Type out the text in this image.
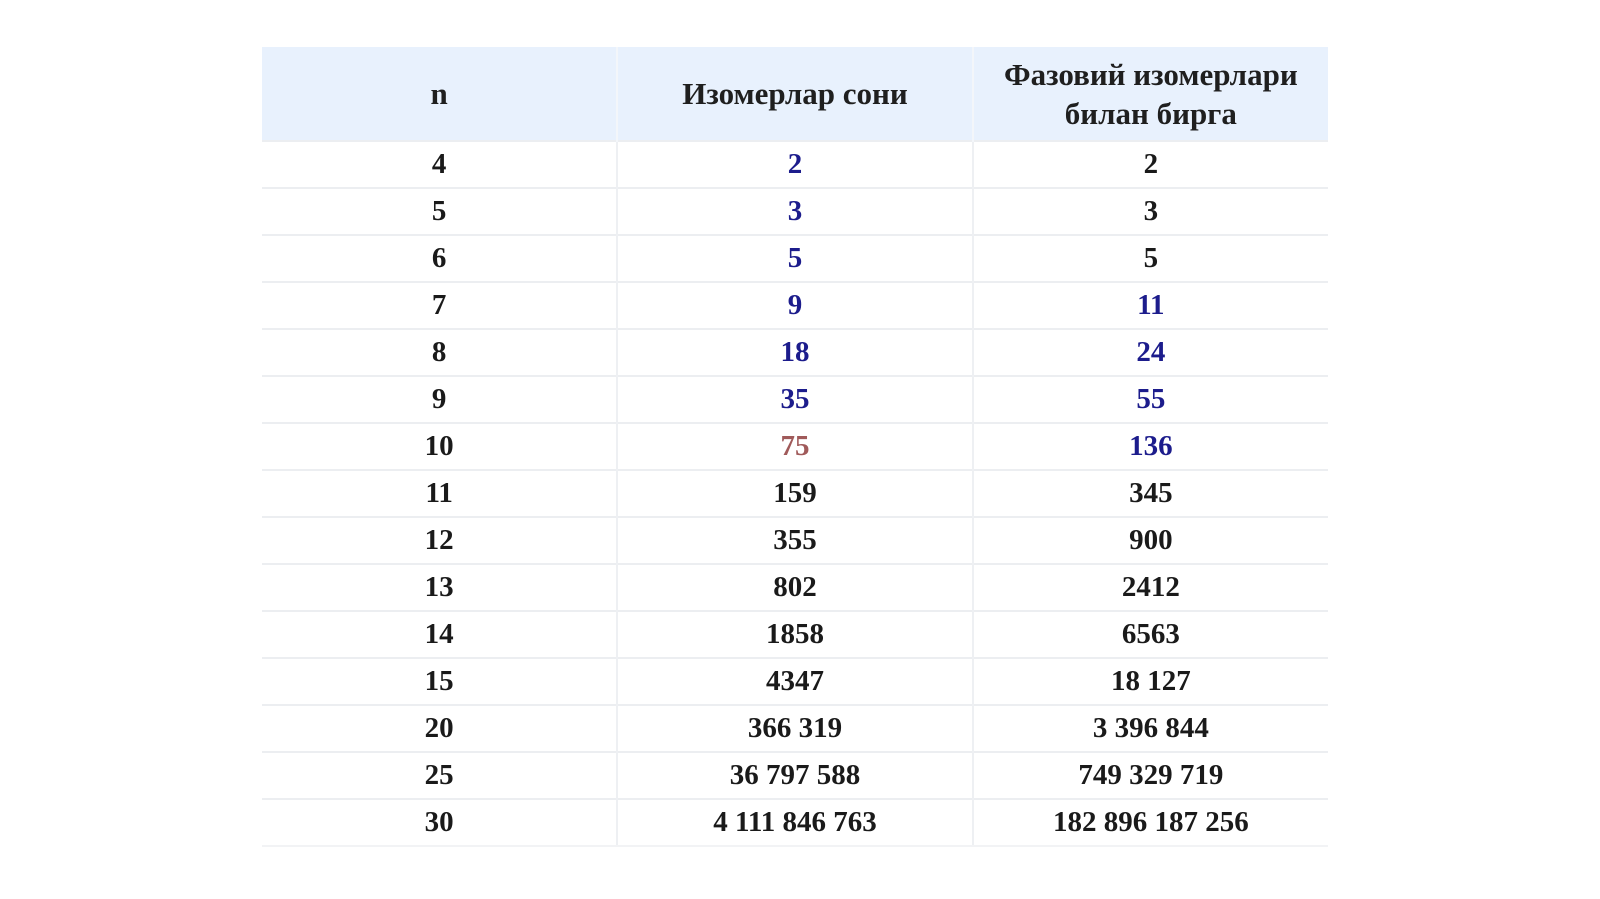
n	Изомерлар сони	Фазовий изомерлари билан бирга
4	2	2
5	3	3
6	5	5
7	9	11
8	18	24
9	35	55
10	75	136
11	159	345
12	355	900
13	802	2412
14	1858	6563
15	4347	18 127
20	366 319	3 396 844
25	36 797 588	749 329 719
30	4 111 846 763	182 896 187 256
